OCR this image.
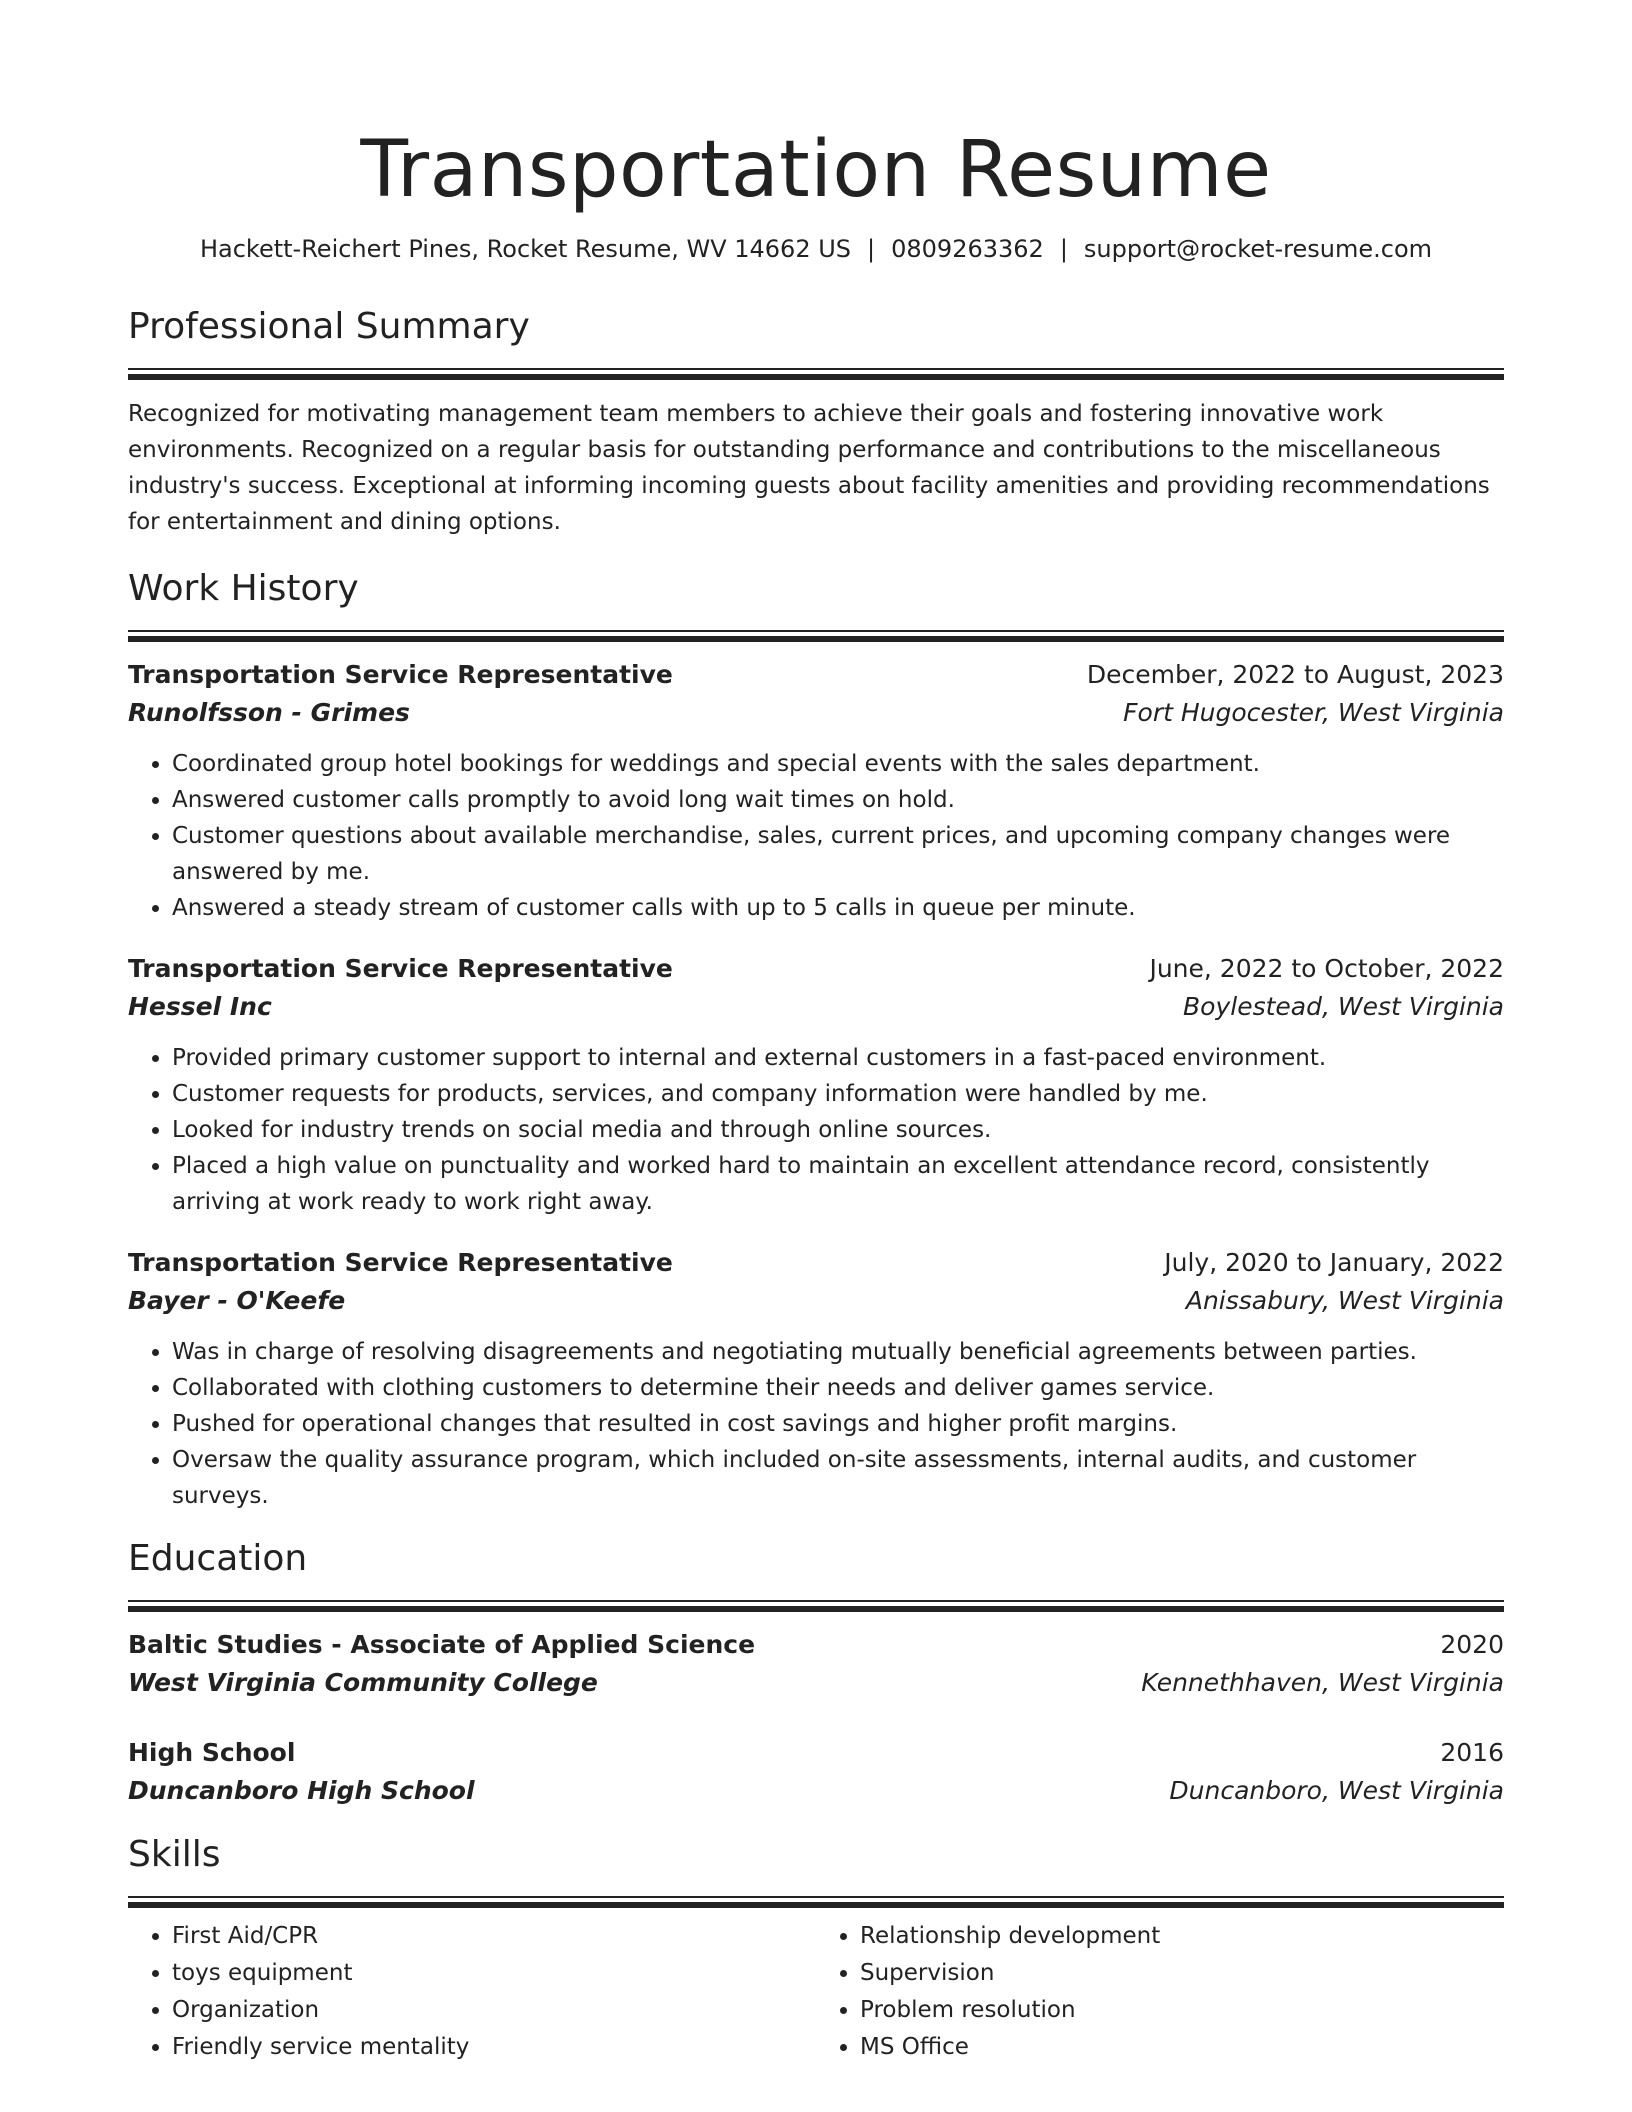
Transportation Resume
Hackett-Reichert Pines, Rocket Resume, WV 14662 US | 0809263362 | support@rocket-resume.com
Professional Summary
Recognized for motivating management team members to achieve their goals and fostering innovative work environments. Recognized on a regular basis for outstanding performance and contributions to the miscellaneous industry's success. Exceptional at informing incoming guests about facility amenities and providing recommendations for entertainment and dining options.
Work History
Transportation Service Representative	December, 2022 to August, 2023
Runolfsson - Grimes	Fort Hugocester, West Virginia
• Coordinated group hotel bookings for weddings and special events with the sales department.
• Answered customer calls promptly to avoid long wait times on hold.
• Customer questions about available merchandise, sales, current prices, and upcoming company changes were answered by me.
• Answered a steady stream of customer calls with up to 5 calls in queue per minute.
Transportation Service Representative	June, 2022 to October, 2022
Hessel Inc	Boylestead, West Virginia
• Provided primary customer support to internal and external customers in a fast-paced environment.
• Customer requests for products, services, and company information were handled by me.
• Looked for industry trends on social media and through online sources.
• Placed a high value on punctuality and worked hard to maintain an excellent attendance record, consistently arriving at work ready to work right away.
Transportation Service Representative	July, 2020 to January, 2022
Bayer - O'Keefe	Anissabury, West Virginia
• Was in charge of resolving disagreements and negotiating mutually beneficial agreements between parties.
• Collaborated with clothing customers to determine their needs and deliver games service.
• Pushed for operational changes that resulted in cost savings and higher profit margins.
• Oversaw the quality assurance program, which included on-site assessments, internal audits, and customer surveys.
Education
Baltic Studies - Associate of Applied Science	2020
West Virginia Community College	Kennethhaven, West Virginia
High School	2016
Duncanboro High School	Duncanboro, West Virginia
Skills
• First Aid/CPR
• toys equipment
• Organization
• Friendly service mentality
• Relationship development
• Supervision
• Problem resolution
• MS Office
